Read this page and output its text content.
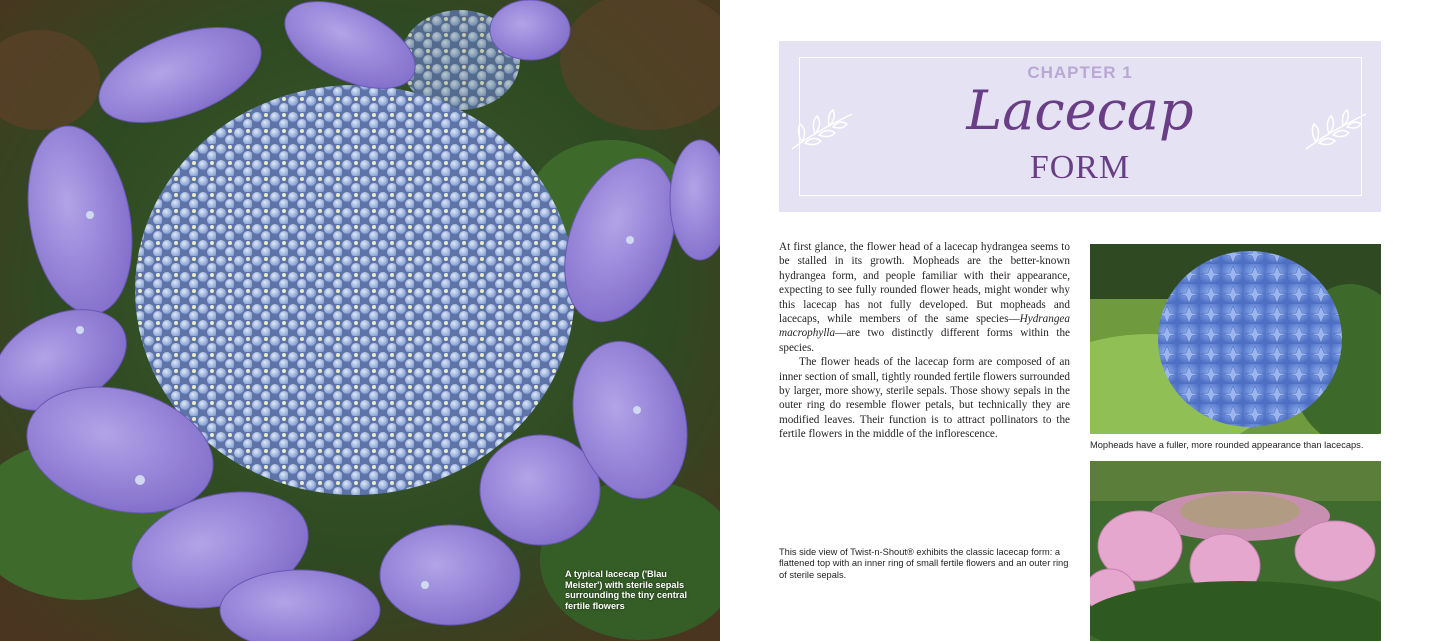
A typical lacecap ('Blau Meister') with sterile sepals surrounding the tiny central fertile flowers
CHAPTER 1
Lacecap
FORM

At first glance, the flower head of a lacecap hydrangea seems to be stalled in its growth. Mopheads are the better-known hydrangea form, and people familiar with their appearance, expecting to see fully rounded flower heads, might wonder why this lacecap has not fully developed. But mopheads and lacecaps, while members of the same species—Hydrangea macrophylla—are two distinctly different forms within the species.

The flower heads of the lacecap form are composed of an inner section of small, tightly rounded fertile flowers surrounded by larger, more showy, sterile sepals. Those showy sepals in the outer ring do resemble flower petals, but technically they are modified leaves. Their function is to attract pollinators to the fertile flowers in the middle of the inflorescence.

This side view of Twist-n-Shout® exhibits the classic lacecap form: a flattened top with an inner ring of small fertile flowers and an outer ring of sterile sepals.
Mopheads have a fuller, more rounded appearance than lacecaps.
